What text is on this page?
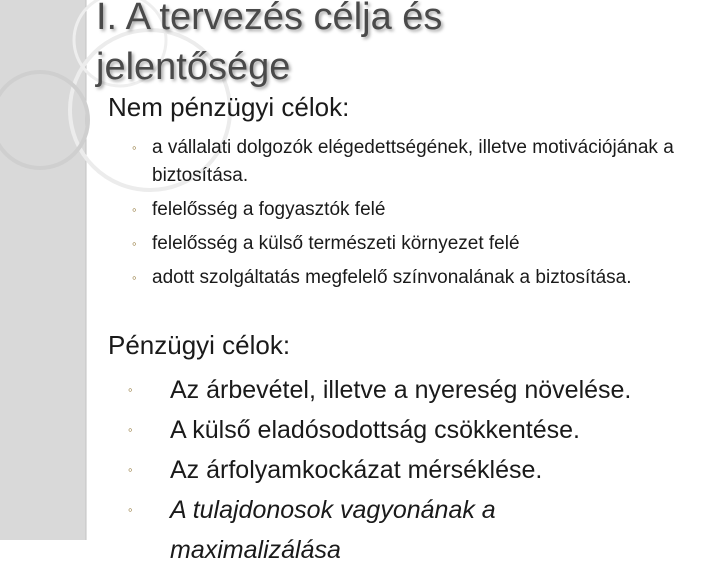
I. A tervezés célja és jelentősége
Nem pénzügyi célok:
◦ a vállalati dolgozók elégedettségének, illetve motivációjának a biztosítása.
◦ felelősség a fogyasztók felé
◦ felelősség a külső természeti környezet felé
◦ adott szolgáltatás megfelelő színvonalának a biztosítása.
Pénzügyi célok:
◦ Az árbevétel, illetve a nyereség növelése.
◦ A külső eladósodottság csökkentése.
◦ Az árfolyamkockázat mérséklése.
◦ A tulajdonosok vagyonának a maximalizálása
